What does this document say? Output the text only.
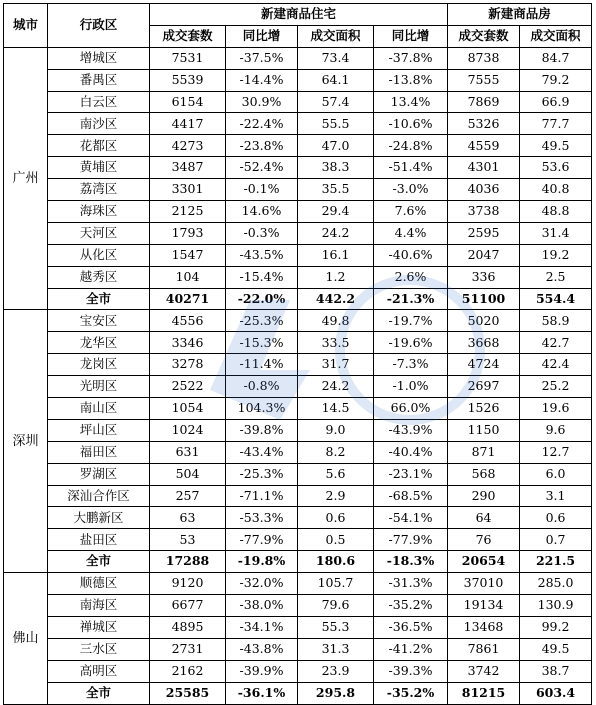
城市	行政区	新建商品住宅				新建商品房	
		成交套数	同比增	成交面积	同比增	成交套数	成交面积
广州	增城区	7531	-37.5%	73.4	-37.8%	8738	84.7
	番禺区	5539	-14.4%	64.1	-13.8%	7555	79.2
	白云区	6154	30.9%	57.4	13.4%	7869	66.9
	南沙区	4417	-22.4%	55.5	-10.6%	5326	77.7
	花都区	4273	-23.8%	47.0	-24.8%	4559	49.5
	黄埔区	3487	-52.4%	38.3	-51.4%	4301	53.6
	荔湾区	3301	-0.1%	35.5	-3.0%	4036	40.8
	海珠区	2125	14.6%	29.4	7.6%	3738	48.8
	天河区	1793	-0.3%	24.2	4.4%	2595	31.4
	从化区	1547	-43.5%	16.1	-40.6%	2047	19.2
	越秀区	104	-15.4%	1.2	2.6%	336	2.5
	全市	40271	-22.0%	442.2	-21.3%	51100	554.4
深圳	宝安区	4556	-25.3%	49.8	-19.7%	5020	58.9
	龙华区	3346	-15.3%	33.5	-19.6%	3668	42.7
	龙岗区	3278	-11.4%	31.7	-7.3%	4724	42.4
	光明区	2522	-0.8%	24.2	-1.0%	2697	25.2
	南山区	1054	104.3%	14.5	66.0%	1526	19.6
	坪山区	1024	-39.8%	9.0	-43.9%	1150	9.6
	福田区	631	-43.4%	8.2	-40.4%	871	12.7
	罗湖区	504	-25.3%	5.6	-23.1%	568	6.0
	深汕合作区	257	-71.1%	2.9	-68.5%	290	3.1
	大鹏新区	63	-53.3%	0.6	-54.1%	64	0.6
	盐田区	53	-77.9%	0.5	-77.9%	76	0.7
	全市	17288	-19.8%	180.6	-18.3%	20654	221.5
佛山	顺德区	9120	-32.0%	105.7	-31.3%	37010	285.0
	南海区	6677	-38.0%	79.6	-35.2%	19134	130.9
	禅城区	4895	-34.1%	55.3	-36.5%	13468	99.2
	三水区	2731	-43.8%	31.3	-41.2%	7861	49.5
	高明区	2162	-39.9%	23.9	-39.3%	3742	38.7
	全市	25585	-36.1%	295.8	-35.2%	81215	603.4
